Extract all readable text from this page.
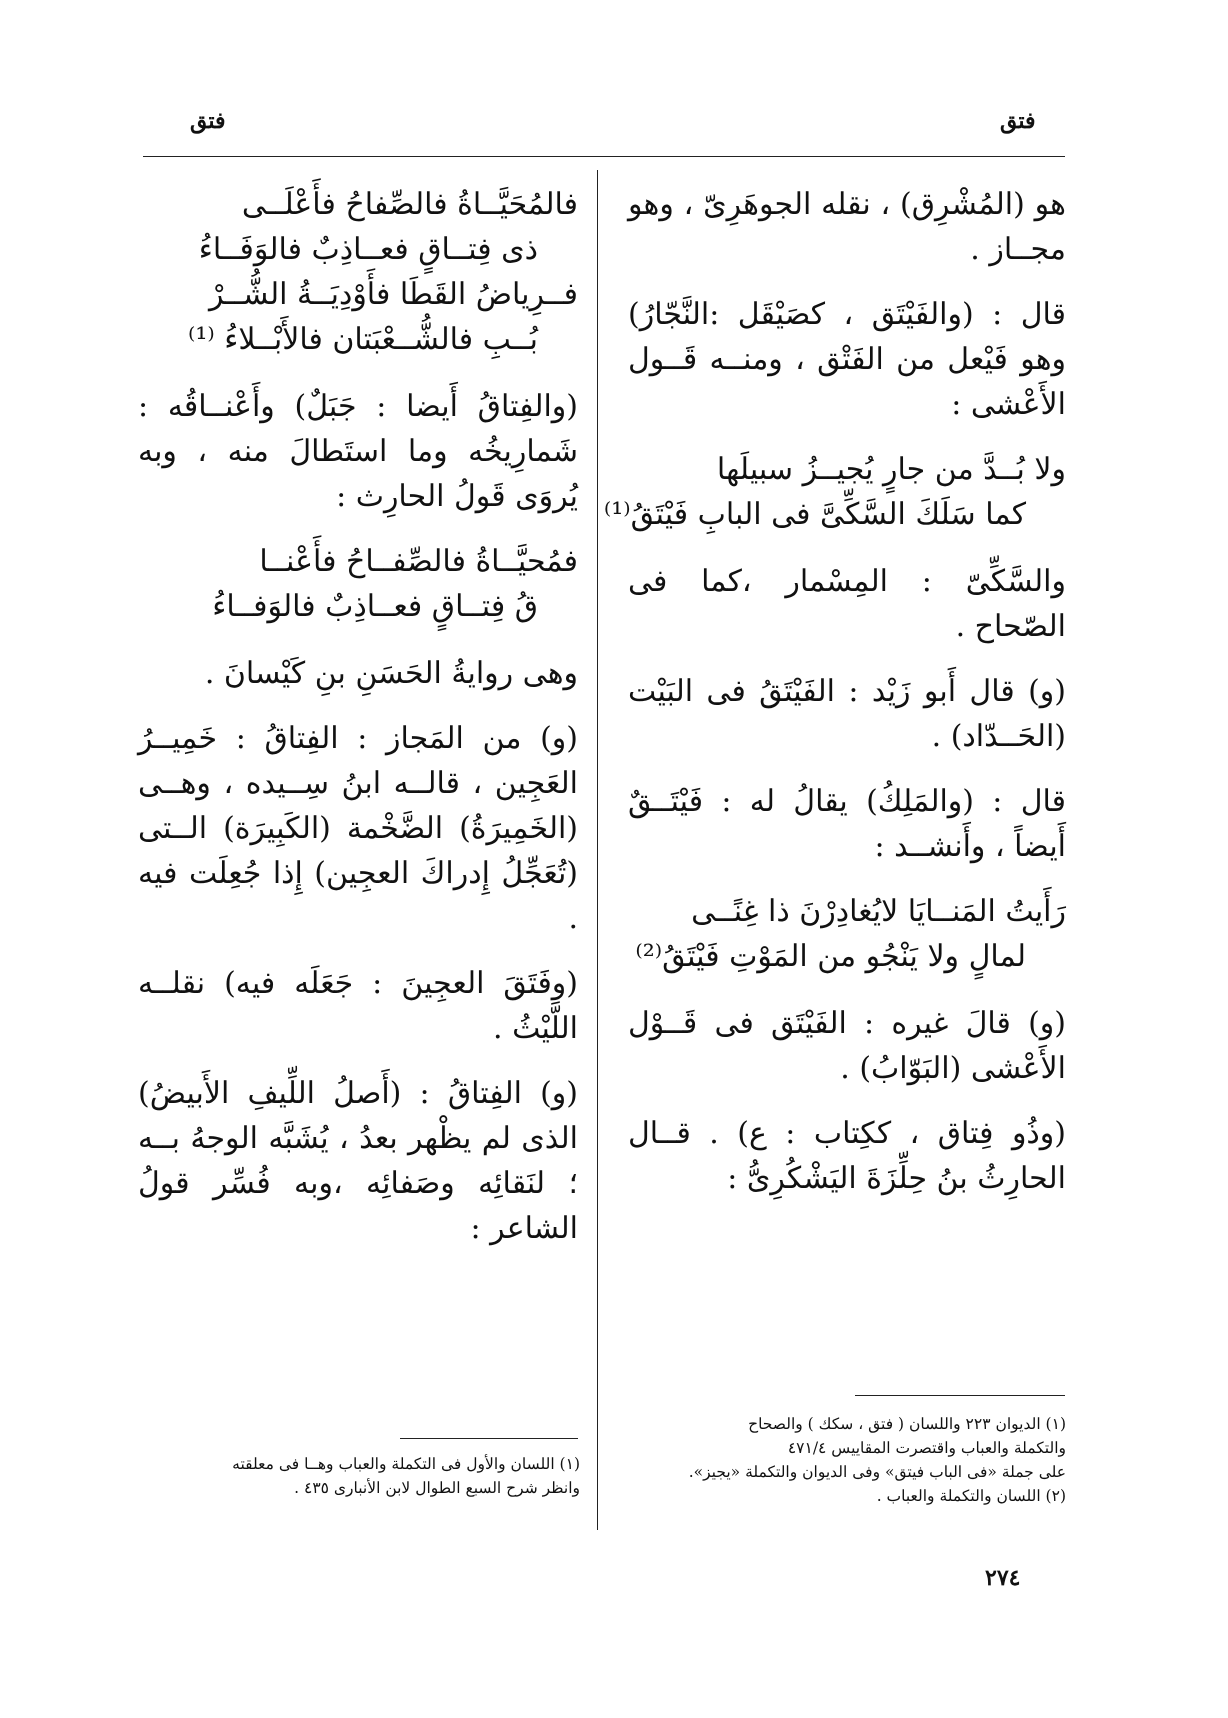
فتق
فتق

هو (المُشْرِق) ، نقله الجوهَرِىّ ، وهو مجــاز .

قال : (والفَيْتَق ، كصَيْقَل :النَّجّارُ) وهو فَيْعل من الفَتْق ، ومنــه قَــول الأَعْشى :

ولا بُــدَّ من جارٍ يُجيــزُ سبيلَها
كما سَلَكَ السَّكِّىَّ فى البابِ فَيْتَقُ⁽¹⁾

والسَّكِّىّ : المِسْمار ،كما فى الصّحاح .

(و) قال أَبو زَيْد : الفَيْتَقُ فى البَيْت (الحَــدّاد) .

قال : (والمَلِكُ) يقالُ له : فَيْتَــقٌ أَيضاً ، وأَنشــد :

رَأَيتُ المَنــايَا لايُغادِرْنَ ذا غِنًــى
لمالٍ ولا يَنْجُو من المَوْتِ فَيْتَقُ⁽²⁾

(و) قالَ غيره : الفَيْتَق فى قَــوْل الأَعْشى (البَوّابُ) .

(وذُو فِتاق ، ككِتاب : ع) . قــال الحارِثُ بنُ حِلِّزَةَ اليَشْكُرِىُّ :

(١) الديوان ٢٢٣ واللسان ( فتق ، سكك ) والصحاح
والتكملة والعباب واقتصرت المقاييس ٤٧١/٤
على جملة «فى الباب فيتق» وفى الديوان والتكملة «يجيز».
(٢) اللسان والتكملة والعباب .
فالمُحَيَّــاةُ فالصِّفاحُ فأَعْلَــى
ذى فِتــاقٍ فعــاذِبٌ فالوَفَــاءُ
فــرِياضُ القَطَا فأَوْدِيَــةُ الشُّــرْ
بُــبِ فالشُّــعْبَتان فالأَبْــلاءُ ⁽¹⁾

(والفِتاقُ أَيضا : جَبَلٌ) وأَعْنــاقُه : شَمارِيخُه وما استَطالَ منه ، وبه يُروَى قَولُ الحارِث :

فمُحيَّــاةُ فالصِّفــاحُ فأَعْنــا
قُ فِتــاقٍ فعــاذِبٌ فالوَفــاءُ

وهى روايةُ الحَسَنِ بنِ كَيْسانَ .

(و) من المَجاز : الفِتاقُ : خَمِيــرُ العَجِين ، قالــه ابنُ سِــيده ، وهــى (الخَمِيرَةُ) الضَّخْمة (الكَبِيرَة) الــتى (تُعَجِّلُ إِدراكَ العجِين) إِذا جُعِلَت فيه .

(وفَتَقَ العجِينَ : جَعَلَه فيه) نقلــه اللَّيْثُ .

(و) الفِتاقُ : (أَصلُ اللِّيفِ الأَبيضُ) الذى لم يظْهر بعدُ ، يُشَبَّه الوجهُ بــه ؛ لنَقائِه وصَفائِه ،وبه فُسِّر قولُ الشاعر :

(١) اللسان والأول فى التكملة والعباب وهــا فى معلقته
وانظر شرح السبع الطوال لابن الأنبارى ٤٣٥ .
٢٧٤
